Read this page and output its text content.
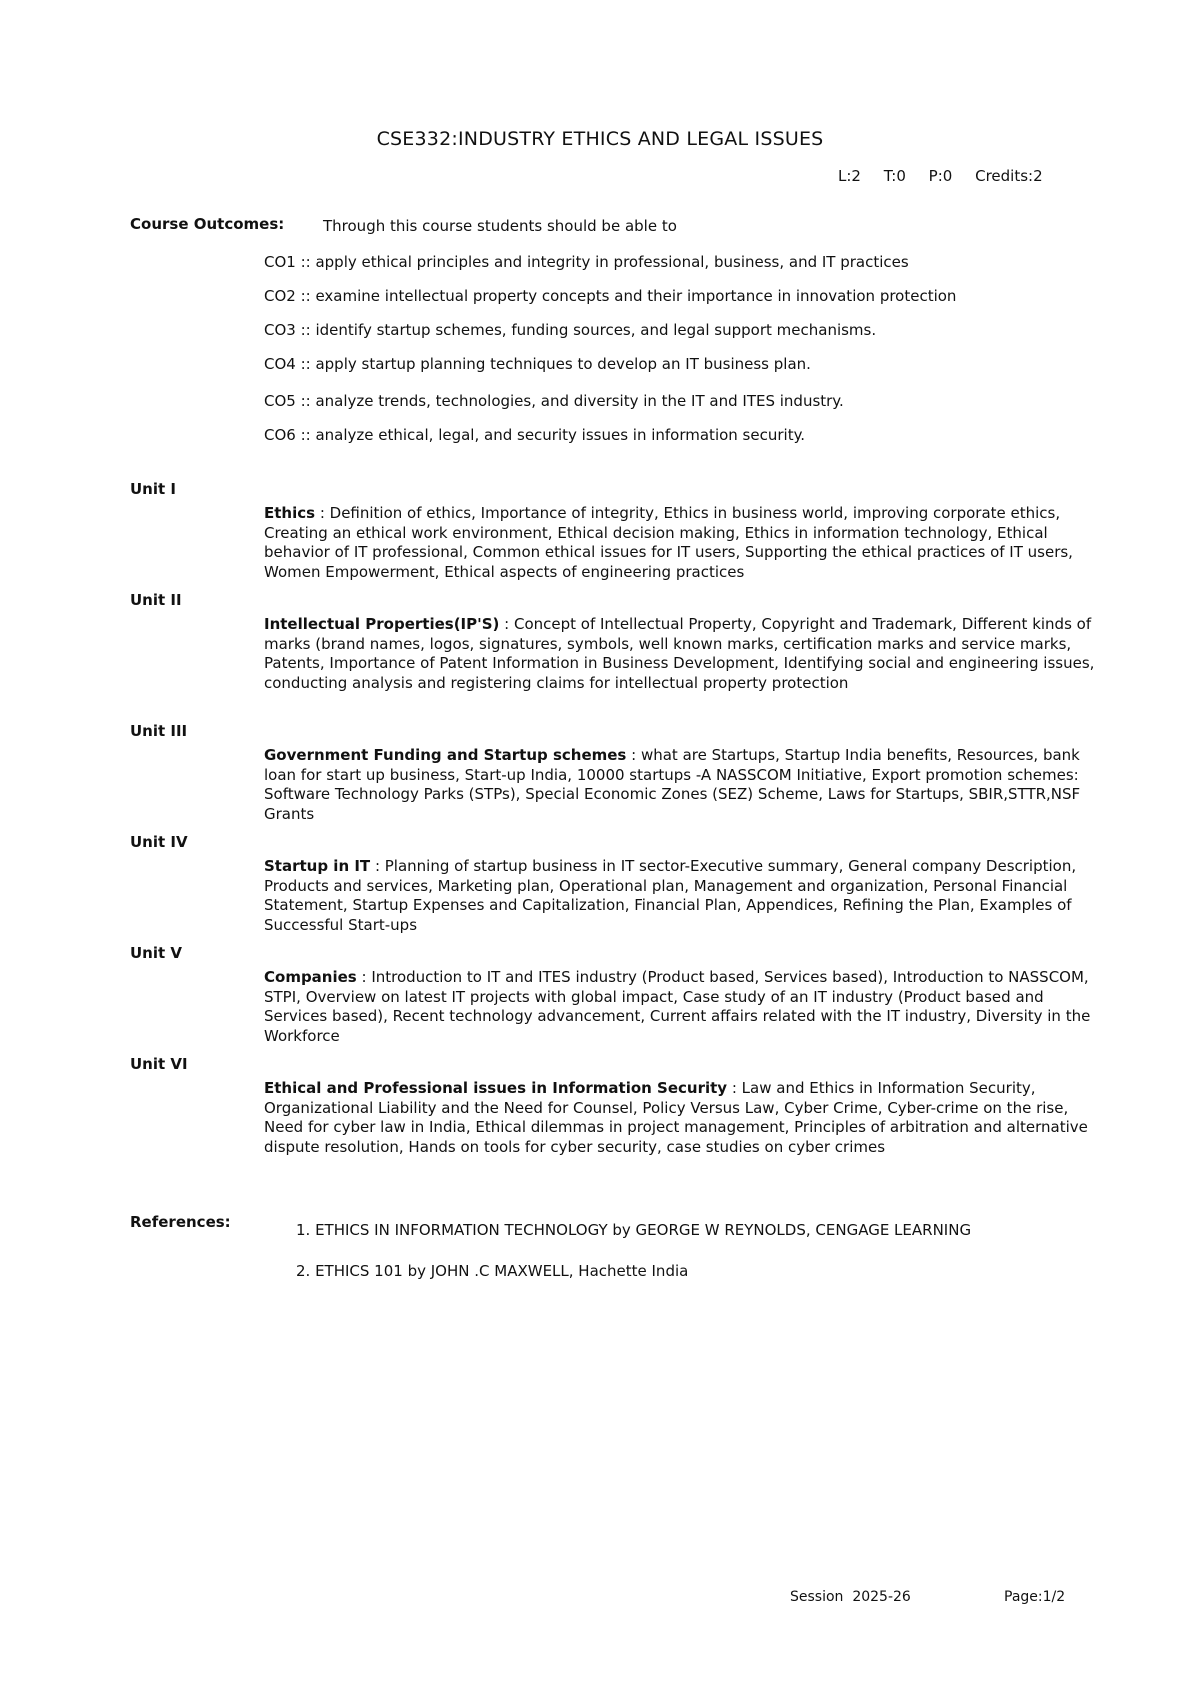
CSE332:INDUSTRY ETHICS AND LEGAL ISSUES
L:2 T:0 P:0 Credits:2
Course Outcomes:	Through this course students should be able to
CO1 :: apply ethical principles and integrity in professional, business, and IT practices
CO2 :: examine intellectual property concepts and their importance in innovation protection
CO3 :: identify startup schemes, funding sources, and legal support mechanisms.
CO4 :: apply startup planning techniques to develop an IT business plan.
CO5 :: analyze trends, technologies, and diversity in the IT and ITES industry.
CO6 :: analyze ethical, legal, and security issues in information security.
Unit I
Ethics : Definition of ethics, Importance of integrity, Ethics in business world, improving corporate ethics, Creating an ethical work environment, Ethical decision making, Ethics in information technology, Ethical behavior of IT professional, Common ethical issues for IT users, Supporting the ethical practices of IT users, Women Empowerment, Ethical aspects of engineering practices
Unit II
Intellectual Properties(IP'S) : Concept of Intellectual Property, Copyright and Trademark, Different kinds of marks (brand names, logos, signatures, symbols, well known marks, certification marks and service marks, Patents, Importance of Patent Information in Business Development, Identifying social and engineering issues, conducting analysis and registering claims for intellectual property protection
Unit III
Government Funding and Startup schemes : what are Startups, Startup India benefits, Resources, bank loan for start up business, Start-up India, 10000 startups -A NASSCOM Initiative, Export promotion schemes: Software Technology Parks (STPs), Special Economic Zones (SEZ) Scheme, Laws for Startups, SBIR,STTR,NSF Grants
Unit IV
Startup in IT : Planning of startup business in IT sector-Executive summary, General company Description, Products and services, Marketing plan, Operational plan, Management and organization, Personal Financial Statement, Startup Expenses and Capitalization, Financial Plan, Appendices, Refining the Plan, Examples of Successful Start-ups
Unit V
Companies : Introduction to IT and ITES industry (Product based, Services based), Introduction to NASSCOM, STPI, Overview on latest IT projects with global impact, Case study of an IT industry (Product based and Services based), Recent technology advancement, Current affairs related with the IT industry, Diversity in the Workforce
Unit VI
Ethical and Professional issues in Information Security : Law and Ethics in Information Security, Organizational Liability and the Need for Counsel, Policy Versus Law, Cyber Crime, Cyber-crime on the rise, Need for cyber law in India, Ethical dilemmas in project management, Principles of arbitration and alternative dispute resolution, Hands on tools for cyber security, case studies on cyber crimes
References:	1. ETHICS IN INFORMATION TECHNOLOGY by GEORGE W REYNOLDS, CENGAGE LEARNING
2. ETHICS 101 by JOHN .C MAXWELL, Hachette India
Session  2025-26	Page:1/2
